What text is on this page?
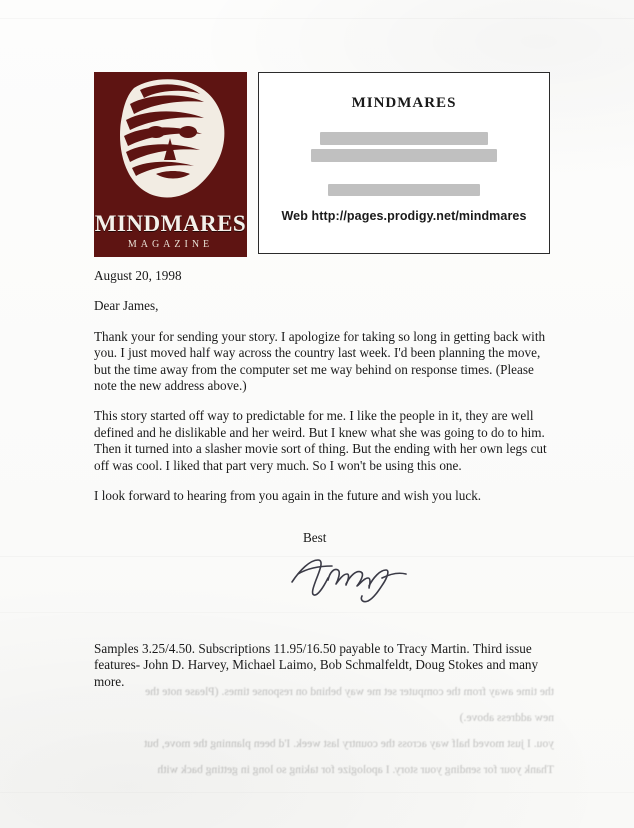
MINDMARES
MAGAZINE
MINDMARES
Web http://pages.prodigy.net/mindmares

August 20, 1998

Dear James,

Thank your for sending your story. I apologize for taking so long in getting back with you. I just moved half way across the country last week. I'd been planning the move, but the time away from the computer set me way behind on response times. (Please note the new address above.)

This story started off way to predictable for me. I like the people in it, they are well defined and he dislikable and her weird. But I knew what she was going to do to him. Then it turned into a slasher movie sort of thing. But the ending with her own legs cut off was cool. I liked that part very much. So I won't be using this one.

I look forward to hearing from you again in the future and wish you luck.

Best
Samples 3.25/4.50. Subscriptions 11.95/16.50 payable to Tracy Martin. Third issue features- John D. Harvey, Michael Laimo, Bob Schmalfeldt, Doug Stokes and many more.

the time away from the computer set me way behind on response times. (Please note the

new address above.)

you. I just moved half way across the country last week. I'd been planning the move, but

Thank your for sending your story. I apologize for taking so long in getting back with
